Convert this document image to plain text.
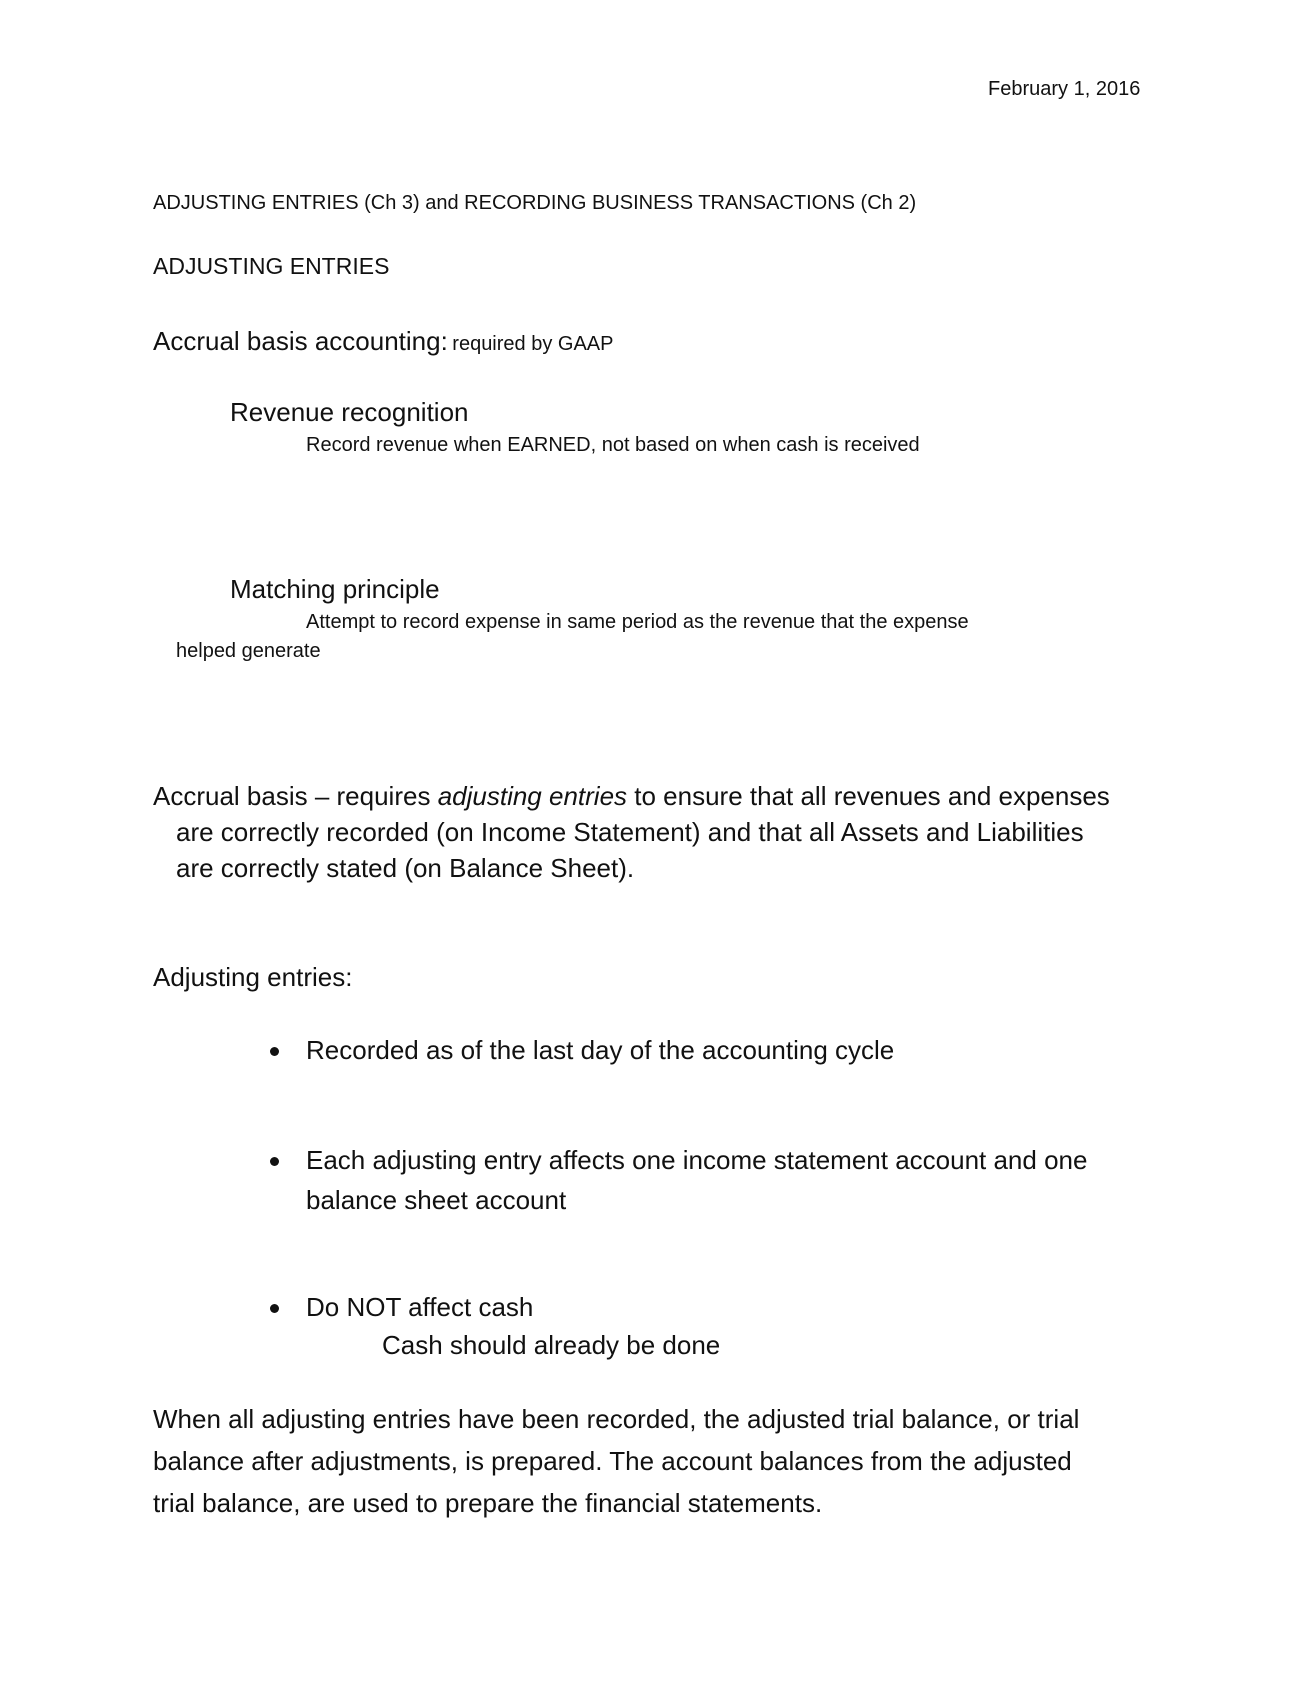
February 1, 2016
ADJUSTING ENTRIES (Ch 3) and RECORDING BUSINESS TRANSACTIONS (Ch 2)
ADJUSTING ENTRIES
Accrual basis accounting: required by GAAP
Revenue recognition
Record revenue when EARNED, not based on when cash is received
Matching principle
Attempt to record expense in same period as the revenue that the expense
helped generate
Accrual basis – requires adjusting entries to ensure that all revenues and expenses
are correctly recorded (on Income Statement) and that all Assets and Liabilities
are correctly stated (on Balance Sheet).
Adjusting entries:
Recorded as of the last day of the accounting cycle
Each adjusting entry affects one income statement account and one
balance sheet account
Do NOT affect cash
Cash should already be done
When all adjusting entries have been recorded, the adjusted trial balance, or trial
balance after adjustments, is prepared. The account balances from the adjusted
trial balance, are used to prepare the financial statements.
